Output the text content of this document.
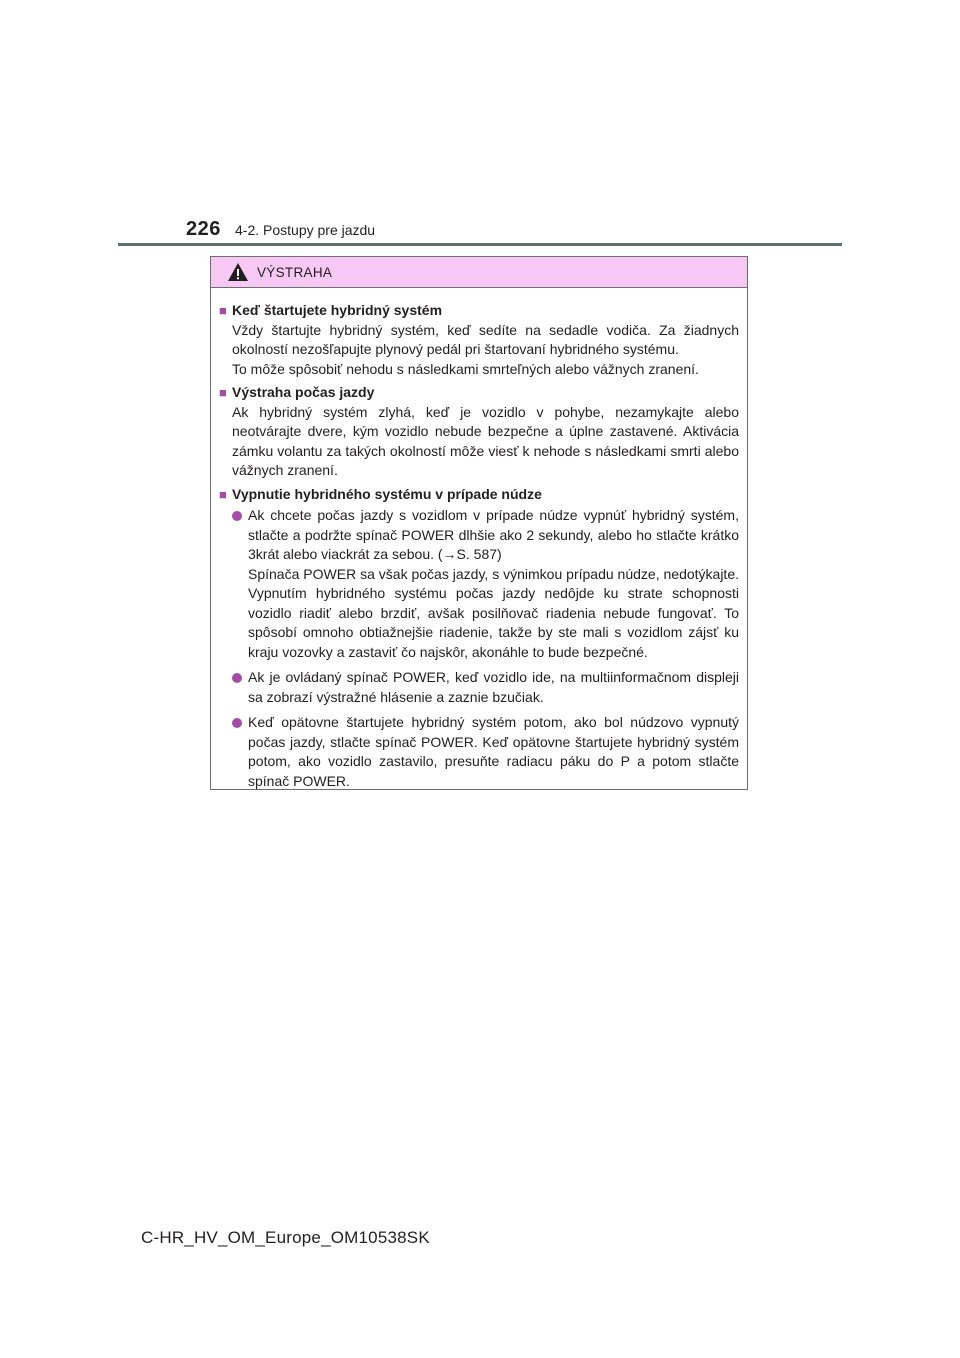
226 4-2. Postupy pre jazdu
VÝSTRAHA
■ Keď štartujete hybridný systém
Vždy štartujte hybridný systém, keď sedíte na sedadle vodiča. Za žiadnych okolností nezošľapujte plynový pedál pri štartovaní hybridného systému.
To môže spôsobiť nehodu s následkami smrteľných alebo vážnych zranení.
■ Výstraha počas jazdy
Ak hybridný systém zlyhá, keď je vozidlo v pohybe, nezamykajte alebo neotvárajte dvere, kým vozidlo nebude bezpečne a úplne zastavené. Aktivácia zámku volantu za takých okolností môže viesť k nehode s následkami smrti alebo vážnych zranení.
■ Vypnutie hybridného systému v prípade núdze
Ak chcete počas jazdy s vozidlom v prípade núdze vypnúť hybridný systém, stlačte a podržte spínač POWER dlhšie ako 2 sekundy, alebo ho stlačte krátko 3krát alebo viackrát za sebou. (→S. 587)
Spínača POWER sa však počas jazdy, s výnimkou prípadu núdze, nedotýkajte. Vypnutím hybridného systému počas jazdy nedôjde ku strate schopnosti vozidlo riadiť alebo brzdiť, avšak posilňovač riadenia nebude fungovať. To spôsobí omnoho obtiažnejšie riadenie, takže by ste mali s vozidlom zájsť ku kraju vozovky a zastaviť čo najskôr, akonáhle to bude bezpečné.
Ak je ovládaný spínač POWER, keď vozidlo ide, na multiinformačnom displeji sa zobrazí výstražné hlásenie a zaznie bzučiak.
Keď opätovne štartujete hybridný systém potom, ako bol núdzovo vypnutý počas jazdy, stlačte spínač POWER. Keď opätovne štartujete hybridný systém potom, ako vozidlo zastavilo, presuňte radiacu páku do P a potom stlačte spínač POWER.
C-HR_HV_OM_Europe_OM10538SK
